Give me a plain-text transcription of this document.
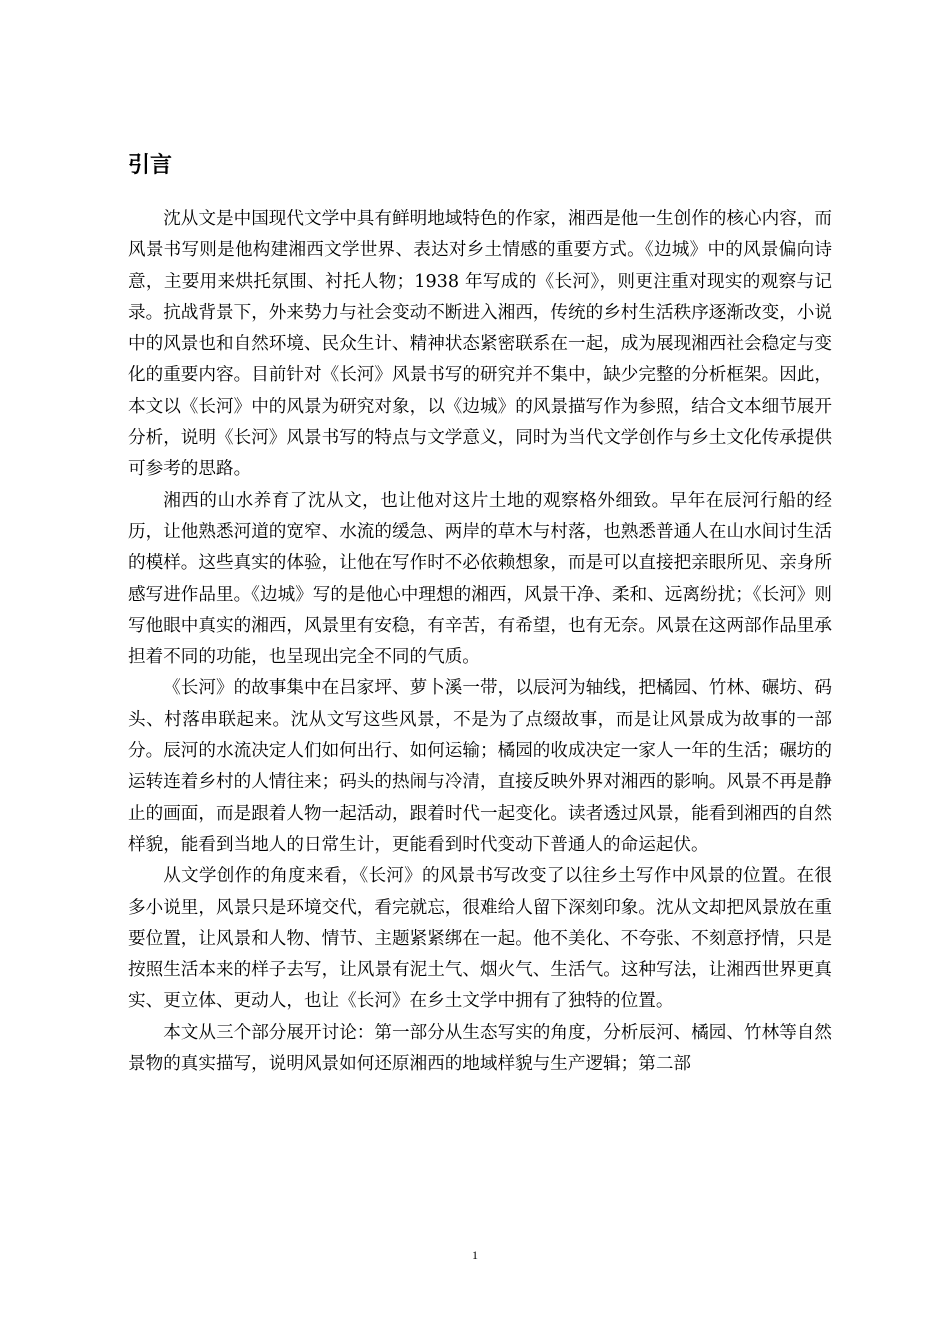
引言

沈从文是中国现代文学中具有鲜明地域特色的作家，湘西是他一生创作的核心内容，而风景书写则是他构建湘西文学世界、表达对乡土情感的重要方式。《边城》中的风景偏向诗意，主要用来烘托氛围、衬托人物；1938 年写成的《长河》，则更注重对现实的观察与记录。抗战背景下，外来势力与社会变动不断进入湘西，传统的乡村生活秩序逐渐改变，小说中的风景也和自然环境、民众生计、精神状态紧密联系在一起，成为展现湘西社会稳定与变化的重要内容。目前针对《长河》风景书写的研究并不集中，缺少完整的分析框架。因此，本文以《长河》中的风景为研究对象，以《边城》的风景描写作为参照，结合文本细节展开分析，说明《长河》风景书写的特点与文学意义，同时为当代文学创作与乡土文化传承提供可参考的思路。

湘西的山水养育了沈从文，也让他对这片土地的观察格外细致。早年在辰河行船的经历，让他熟悉河道的宽窄、水流的缓急、两岸的草木与村落，也熟悉普通人在山水间讨生活的模样。这些真实的体验，让他在写作时不必依赖想象，而是可以直接把亲眼所见、亲身所感写进作品里。《边城》写的是他心中理想的湘西，风景干净、柔和、远离纷扰；《长河》则写他眼中真实的湘西，风景里有安稳，有辛苦，有希望，也有无奈。风景在这两部作品里承担着不同的功能，也呈现出完全不同的气质。

《长河》的故事集中在吕家坪、萝卜溪一带，以辰河为轴线，把橘园、竹林、碾坊、码头、村落串联起来。沈从文写这些风景，不是为了点缀故事，而是让风景成为故事的一部分。辰河的水流决定人们如何出行、如何运输；橘园的收成决定一家人一年的生活；碾坊的运转连着乡村的人情往来；码头的热闹与冷清，直接反映外界对湘西的影响。风景不再是静止的画面，而是跟着人物一起活动，跟着时代一起变化。读者透过风景，能看到湘西的自然样貌，能看到当地人的日常生计，更能看到时代变动下普通人的命运起伏。

从文学创作的角度来看，《长河》的风景书写改变了以往乡土写作中风景的位置。在很多小说里，风景只是环境交代，看完就忘，很难给人留下深刻印象。沈从文却把风景放在重要位置，让风景和人物、情节、主题紧紧绑在一起。他不美化、不夸张、不刻意抒情，只是按照生活本来的样子去写，让风景有泥土气、烟火气、生活气。这种写法，让湘西世界更真实、更立体、更动人，也让《长河》在乡土文学中拥有了独特的位置。

本文从三个部分展开讨论：第一部分从生态写实的角度，分析辰河、橘园、竹林等自然景物的真实描写，说明风景如何还原湘西的地域样貌与生产逻辑；第二部

1
